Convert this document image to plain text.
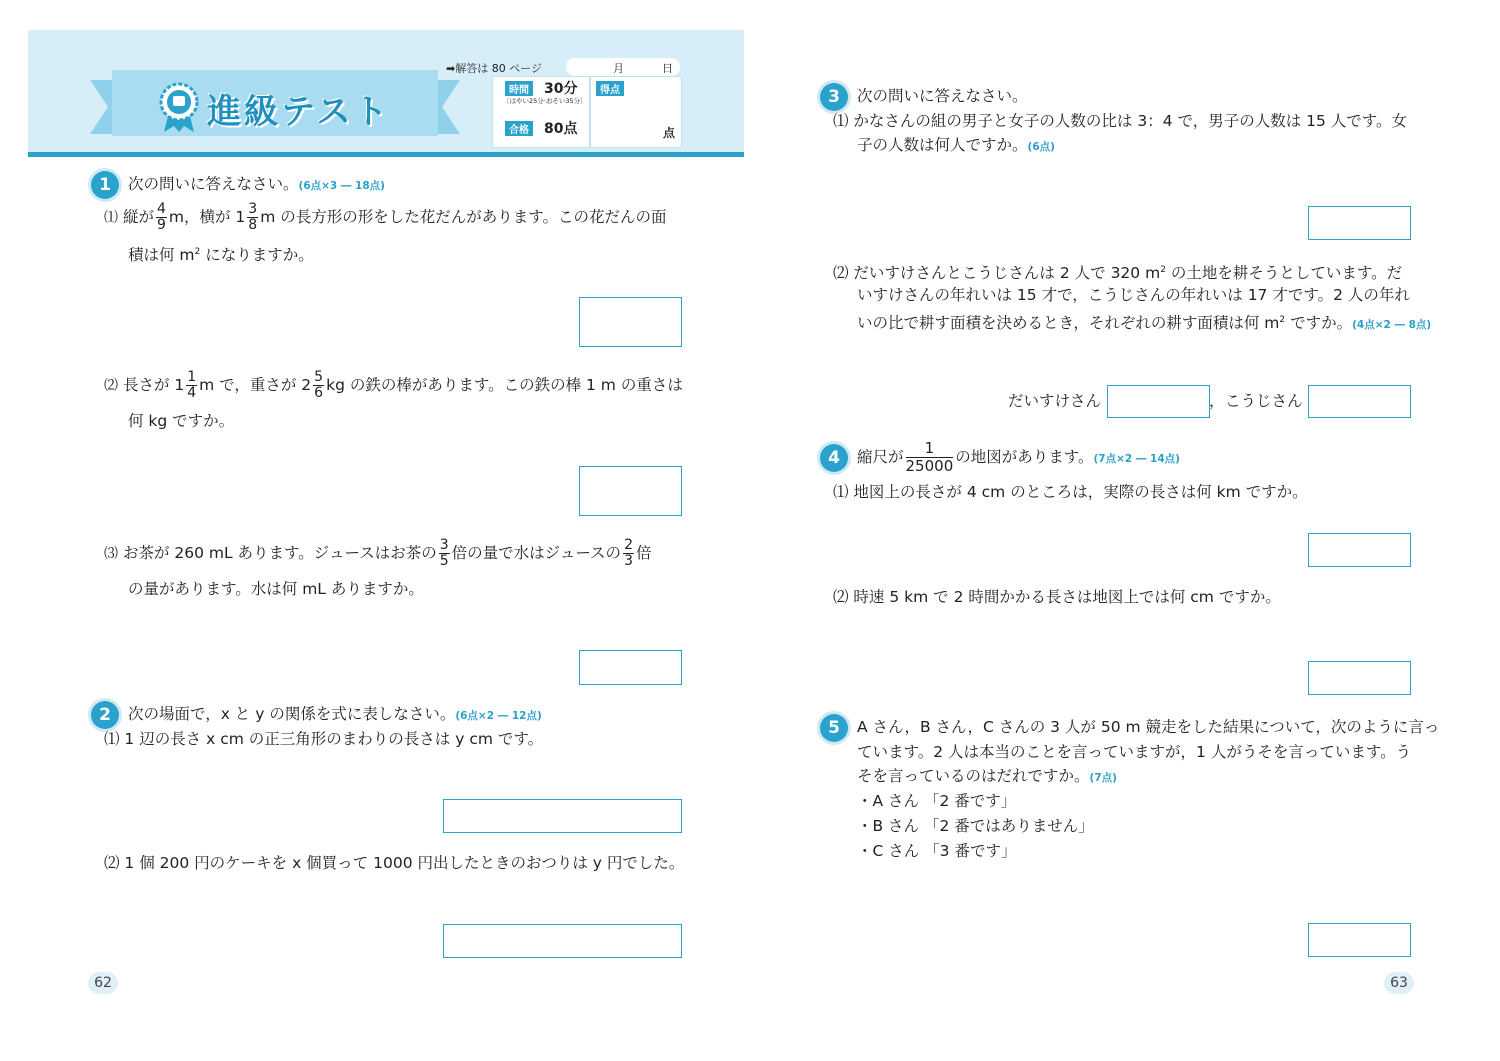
進級テスト
➡解答は 80 ページ	月	日
時間 30分
〔はやい25分·おそい35分〕
合格 80点
得点
点
1	次の問いに答えなさい。(6点×3 ― 18点)
⑴ 縦が $\frac{4}{9}$ m，横が $1 \frac{3}{8}$ m の長方形の形をした花だんがあります。この花だんの面
積は何 $m^2$ になりますか。
⑵ 長さが $1 \frac{1}{4}$ m で，重さが $2 \frac{5}{6}$ kg の鉄の棒があります。この鉄の棒 1 m の重さは
何 kg ですか。
⑶ お茶が 260 mL あります。ジュースはお茶の $\frac{3}{5}$ 倍の量で水はジュースの $\frac{2}{3}$ 倍
の量があります。水は何 mL ありますか。
2	次の場面で，x と y の関係を式に表しなさい。(6点×2 ― 12点)
⑴ 1 辺の長さ x cm の正三角形のまわりの長さは y cm です。
⑵ 1 個 200 円のケーキを x 個買って 1000 円出したときのおつりは y 円でした。
62
3	次の問いに答えなさい。
⑴ かなさんの組の男子と女子の人数の比は 3：4 で，男子の人数は 15 人です。女
子の人数は何人ですか。(6点)
⑵ だいすけさんとこうじさんは 2 人で 320 $m^2$ の土地を耕そうとしています。だ
いすけさんの年れいは 15 才で，こうじさんの年れいは 17 才です。2 人の年れ
いの比で耕す面積を決めるとき，それぞれの耕す面積は何 $m^2$ ですか。(4点×2 ― 8点)
だいすけさん	， こうじさん
4	縮尺が $\frac{1}{25000}$ の地図があります。(7点×2 ― 14点)
⑴ 地図上の長さが 4 cm のところは，実際の長さは何 km ですか。
⑵ 時速 5 km で 2 時間かかる長さは地図上では何 cm ですか。
5	A さん，B さん，C さんの 3 人が 50 m 競走をした結果について，次のように言っ
ています。2 人は本当のことを言っていますが，1 人がうそを言っています。う
そを言っているのはだれですか。(7点)
・A さん 「2 番です」
・B さん 「2 番ではありません」
・C さん 「3 番です」
63
